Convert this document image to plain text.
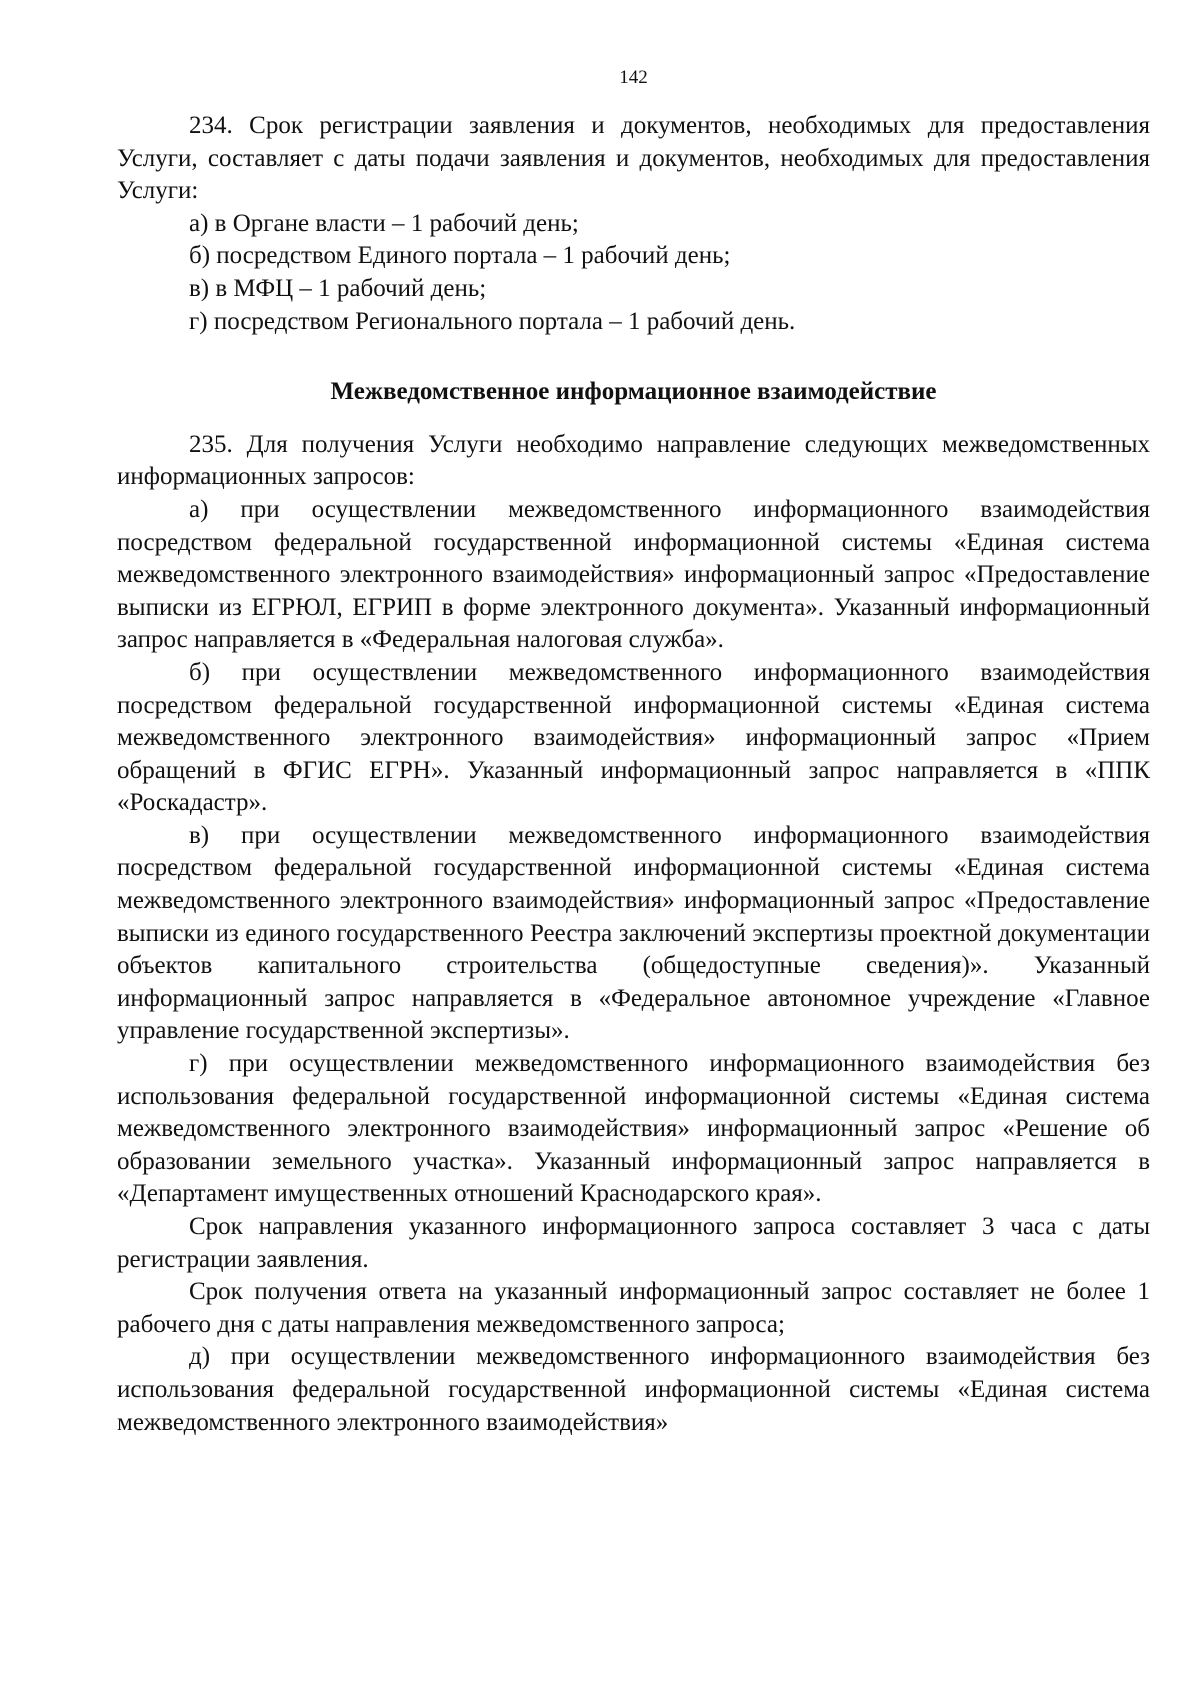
142

234. Срок регистрации заявления и документов, необходимых для предоставления Услуги, составляет с даты подачи заявления и документов, необходимых для предоставления Услуги:

а) в Органе власти – 1 рабочий день;

б) посредством Единого портала – 1 рабочий день;

в) в МФЦ – 1 рабочий день;

г) посредством Регионального портала – 1 рабочий день.

Межведомственное информационное взаимодействие

235. Для получения Услуги необходимо направление следующих межведомственных информационных запросов:

а) при осуществлении межведомственного информационного взаимодействия посредством федеральной государственной информационной системы «Единая система межведомственного электронного взаимодействия» информационный запрос «Предоставление выписки из ЕГРЮЛ, ЕГРИП в форме электронного документа». Указанный информационный запрос направляется в «Федеральная налоговая служба».

б) при осуществлении межведомственного информационного взаимодействия посредством федеральной государственной информационной системы «Единая система межведомственного электронного взаимодействия» информационный запрос «Прием обращений в ФГИС ЕГРН». Указанный информационный запрос направляется в «ППК «Роскадастр».

в) при осуществлении межведомственного информационного взаимодействия посредством федеральной государственной информационной системы «Единая система межведомственного электронного взаимодействия» информационный запрос «Предоставление выписки из единого государственного Реестра заключений экспертизы проектной документации объектов капитального строительства (общедоступные сведения)». Указанный информационный запрос направляется в «Федеральное автономное учреждение «Главное управление государственной экспертизы».

г) при осуществлении межведомственного информационного взаимодействия без использования федеральной государственной информационной системы «Единая система межведомственного электронного взаимодействия» информационный запрос «Решение об образовании земельного участка». Указанный информационный запрос направляется в «Департамент имущественных отношений Краснодарского края».

Срок направления указанного информационного запроса составляет 3 часа с даты регистрации заявления.

Срок получения ответа на указанный информационный запрос составляет не более 1 рабочего дня с даты направления межведомственного запроса;

д) при осуществлении межведомственного информационного взаимодействия без использования федеральной государственной информационной системы «Единая система межведомственного электронного взаимодействия»
